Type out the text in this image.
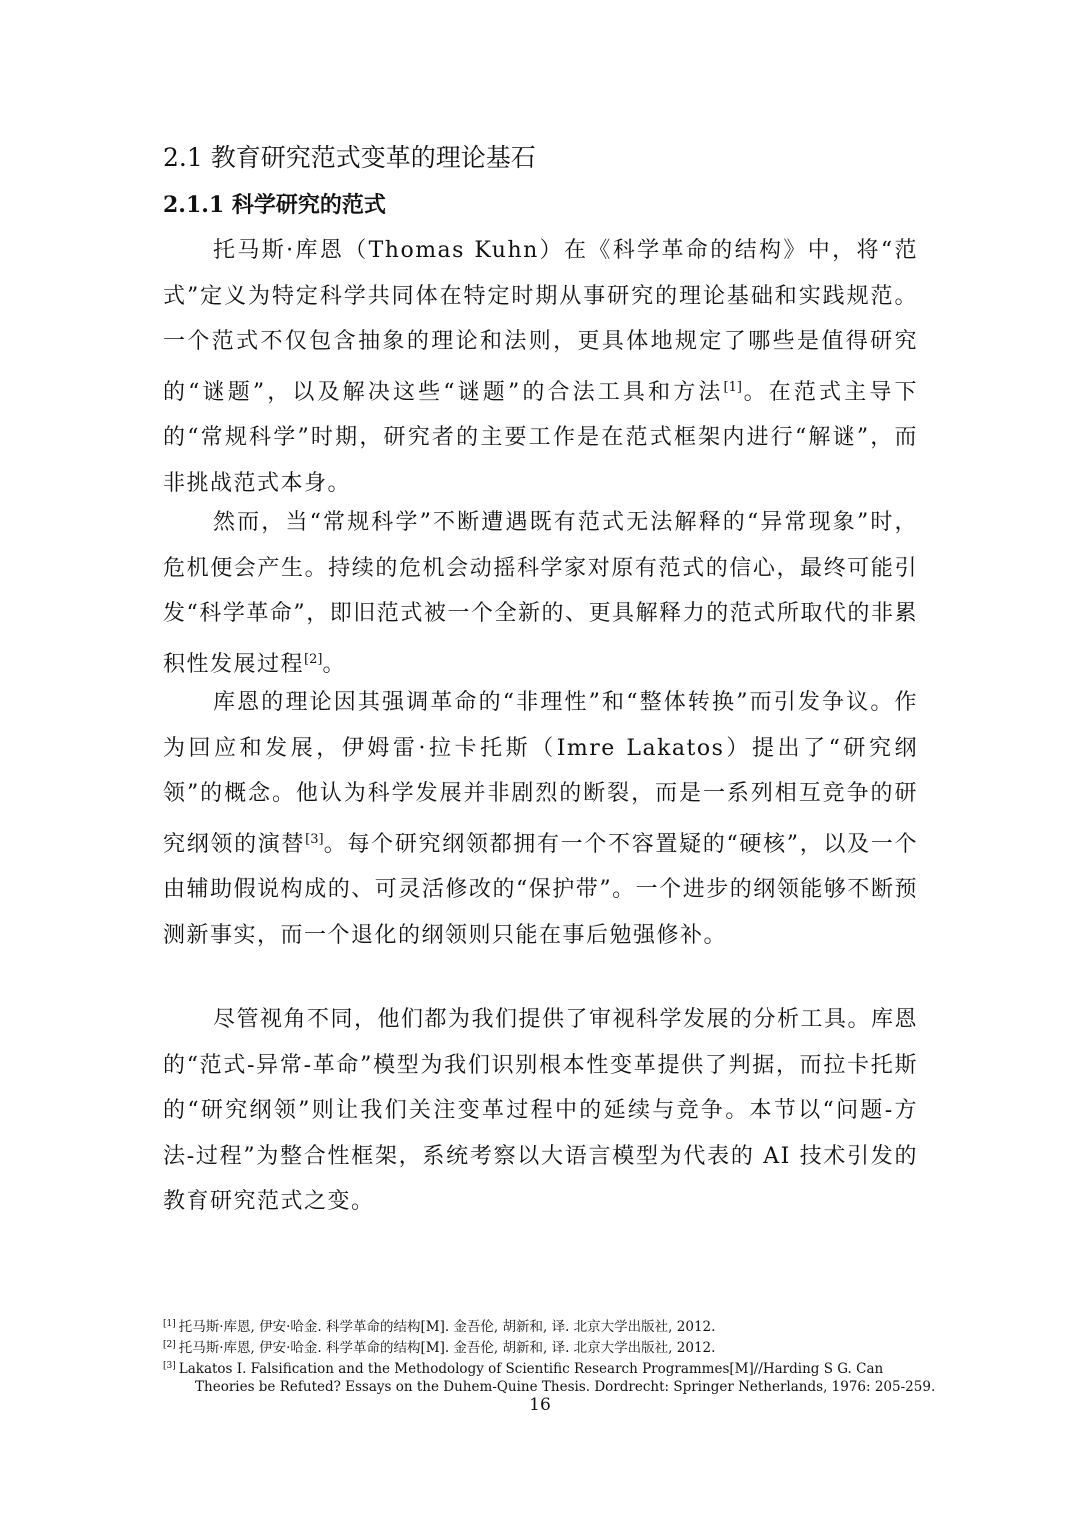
2.1 教育研究范式变革的理论基石
2.1.1 科学研究的范式

托马斯·库恩（Thomas Kuhn）在《科学革命的结构》中，将“范式”定义为特定科学共同体在特定时期从事研究的理论基础和实践规范。一个范式不仅包含抽象的理论和法则，更具体地规定了哪些是值得研究的“谜题”，以及解决这些“谜题”的合法工具和方法[1]。在范式主导下的“常规科学”时期，研究者的主要工作是在范式框架内进行“解谜”，而非挑战范式本身。

然而，当“常规科学”不断遭遇既有范式无法解释的“异常现象”时，危机便会产生。持续的危机会动摇科学家对原有范式的信心，最终可能引发“科学革命”，即旧范式被一个全新的、更具解释力的范式所取代的非累积性发展过程[2]。

库恩的理论因其强调革命的“非理性”和“整体转换”而引发争议。作为回应和发展，伊姆雷·拉卡托斯（Imre Lakatos）提出了“研究纲领”的概念。他认为科学发展并非剧烈的断裂，而是一系列相互竞争的研究纲领的演替[3]。每个研究纲领都拥有一个不容置疑的“硬核”，以及一个由辅助假说构成的、可灵活修改的“保护带”。一个进步的纲领能够不断预测新事实，而一个退化的纲领则只能在事后勉强修补。

尽管视角不同，他们都为我们提供了审视科学发展的分析工具。库恩的“范式-异常-革命”模型为我们识别根本性变革提供了判据，而拉卡托斯的“研究纲领”则让我们关注变革过程中的延续与竞争。本节以“问题-方法-过程”为整合性框架，系统考察以大语言模型为代表的 AI 技术引发的教育研究范式之变。

[1] 托马斯·库恩, 伊安·哈金. 科学革命的结构[M]. 金吾伦, 胡新和, 译. 北京大学出版社, 2012.

[2] 托马斯·库恩, 伊安·哈金. 科学革命的结构[M]. 金吾伦, 胡新和, 译. 北京大学出版社, 2012.

[3] Lakatos I. Falsification and the Methodology of Scientific Research Programmes[M]//Harding S G. Can
Theories be Refuted? Essays on the Duhem-Quine Thesis. Dordrecht: Springer Netherlands, 1976: 205-259.

16
